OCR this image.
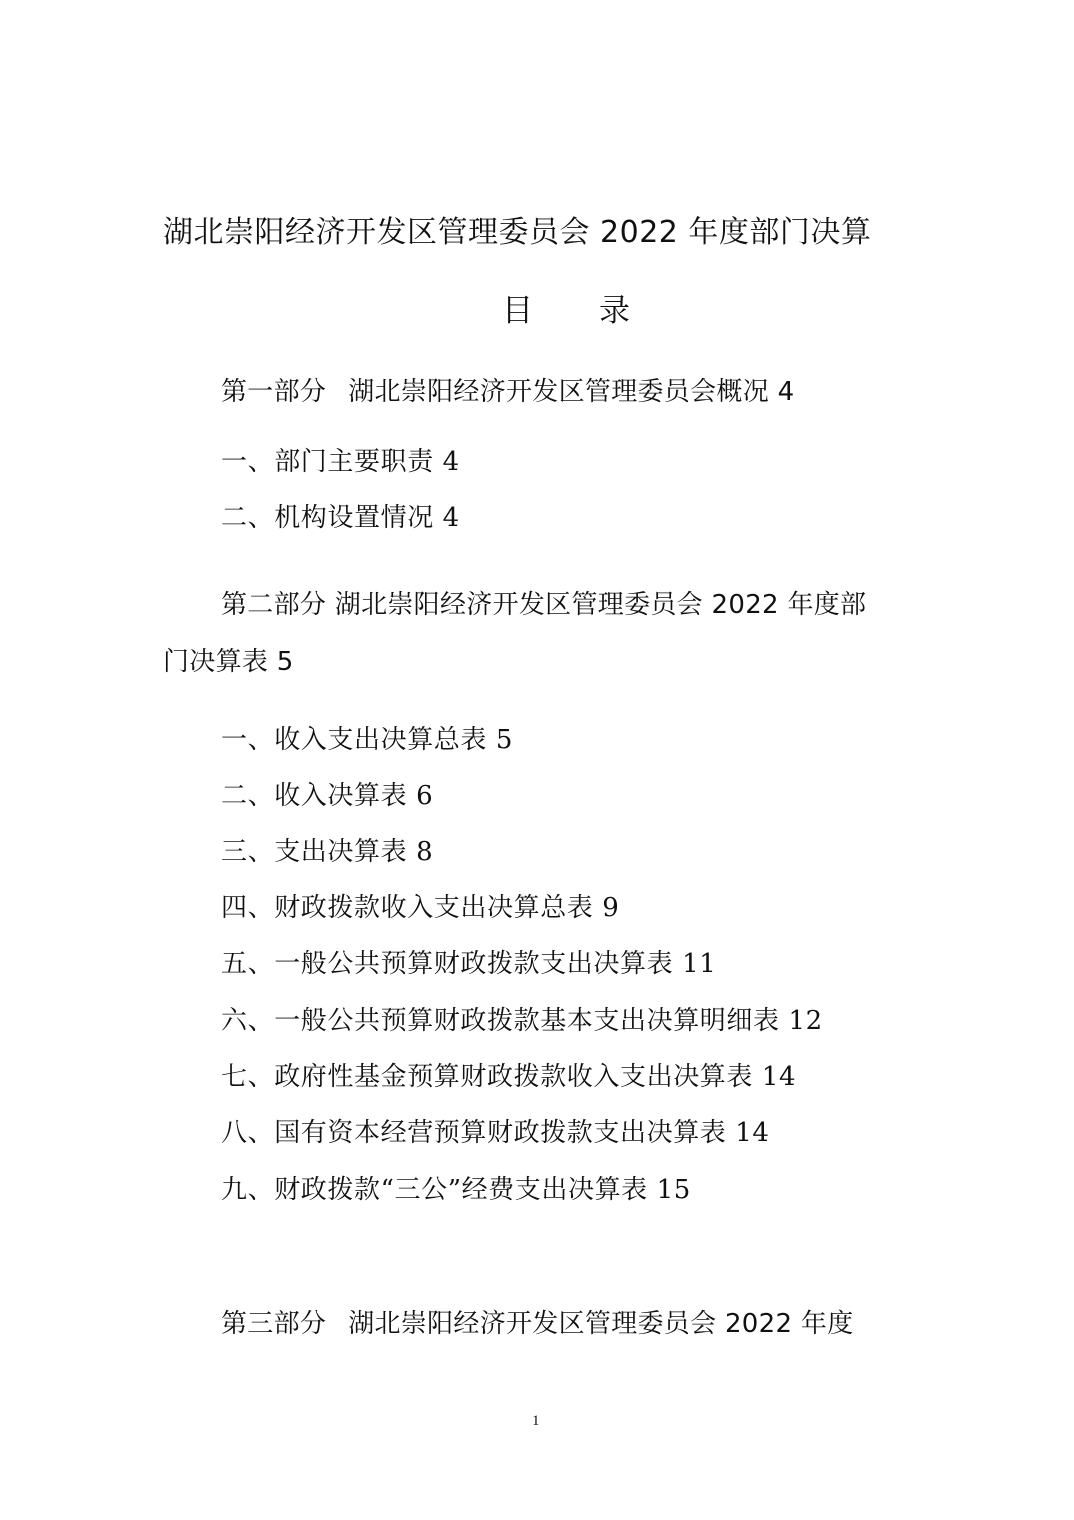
湖北崇阳经济开发区管理委员会 2022 年度部门决算
目 录
第一部分 湖北崇阳经济开发区管理委员会概况 4
一、部门主要职责 4
二、机构设置情况 4
第二部分 湖北崇阳经济开发区管理委员会 2022 年度部
门决算表 5
一、收入支出决算总表 5
二、收入决算表 6
三、支出决算表 8
四、财政拨款收入支出决算总表 9
五、一般公共预算财政拨款支出决算表 11
六、一般公共预算财政拨款基本支出决算明细表 12
七、政府性基金预算财政拨款收入支出决算表 14
八、国有资本经营预算财政拨款支出决算表 14
九、财政拨款“三公”经费支出决算表 15
第三部分 湖北崇阳经济开发区管理委员会 2022 年度
1
